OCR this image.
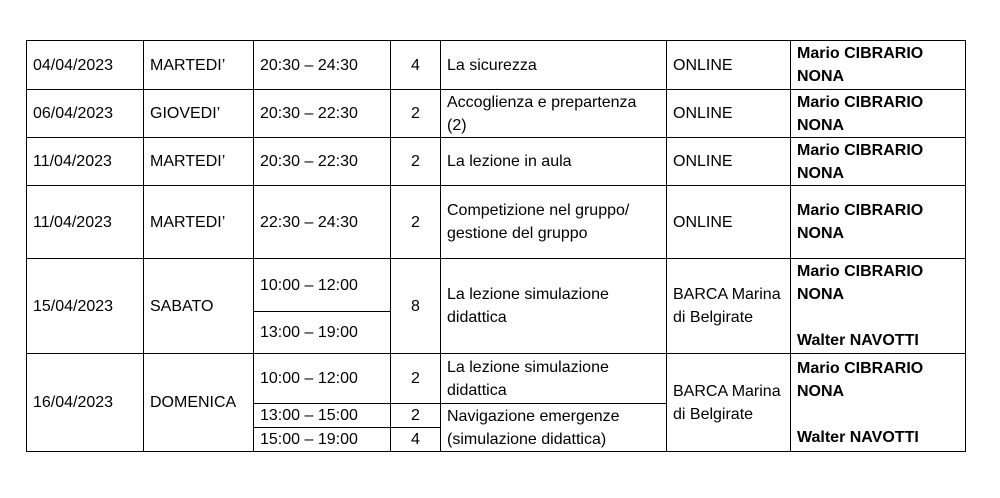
04/04/2023	MARTEDI’	20:30 – 24:30	4	La sicurezza	ONLINE	Mario CIBRARIO
NONA

06/04/2023	GIOVEDI’	20:30 – 22:30	2	Accoglienza e prepartenza (2)	ONLINE	Mario CIBRARIO
NONA

11/04/2023	MARTEDI’	20:30 – 22:30	2	La lezione in aula	ONLINE	Mario CIBRARIO
NONA

11/04/2023	MARTEDI’	22:30 – 24:30	2	Competizione nel gruppo/ gestione del gruppo	ONLINE	Mario CIBRARIO
NONA

15/04/2023	SABATO	10:00 – 12:00	8	La lezione simulazione didattica	BARCA Marina di Belgirate	Mario CIBRARIO
NONA
Walter NAVOTTI

		13:00 – 19:00				
16/04/2023	DOMENICA	10:00 – 12:00	2	La lezione simulazione didattica	BARCA Marina di Belgirate	Mario CIBRARIO
NONA
Walter NAVOTTI

		13:00 – 15:00	2	Navigazione emergenze (simulazione didattica)		
		15:00 – 19:00	4			
